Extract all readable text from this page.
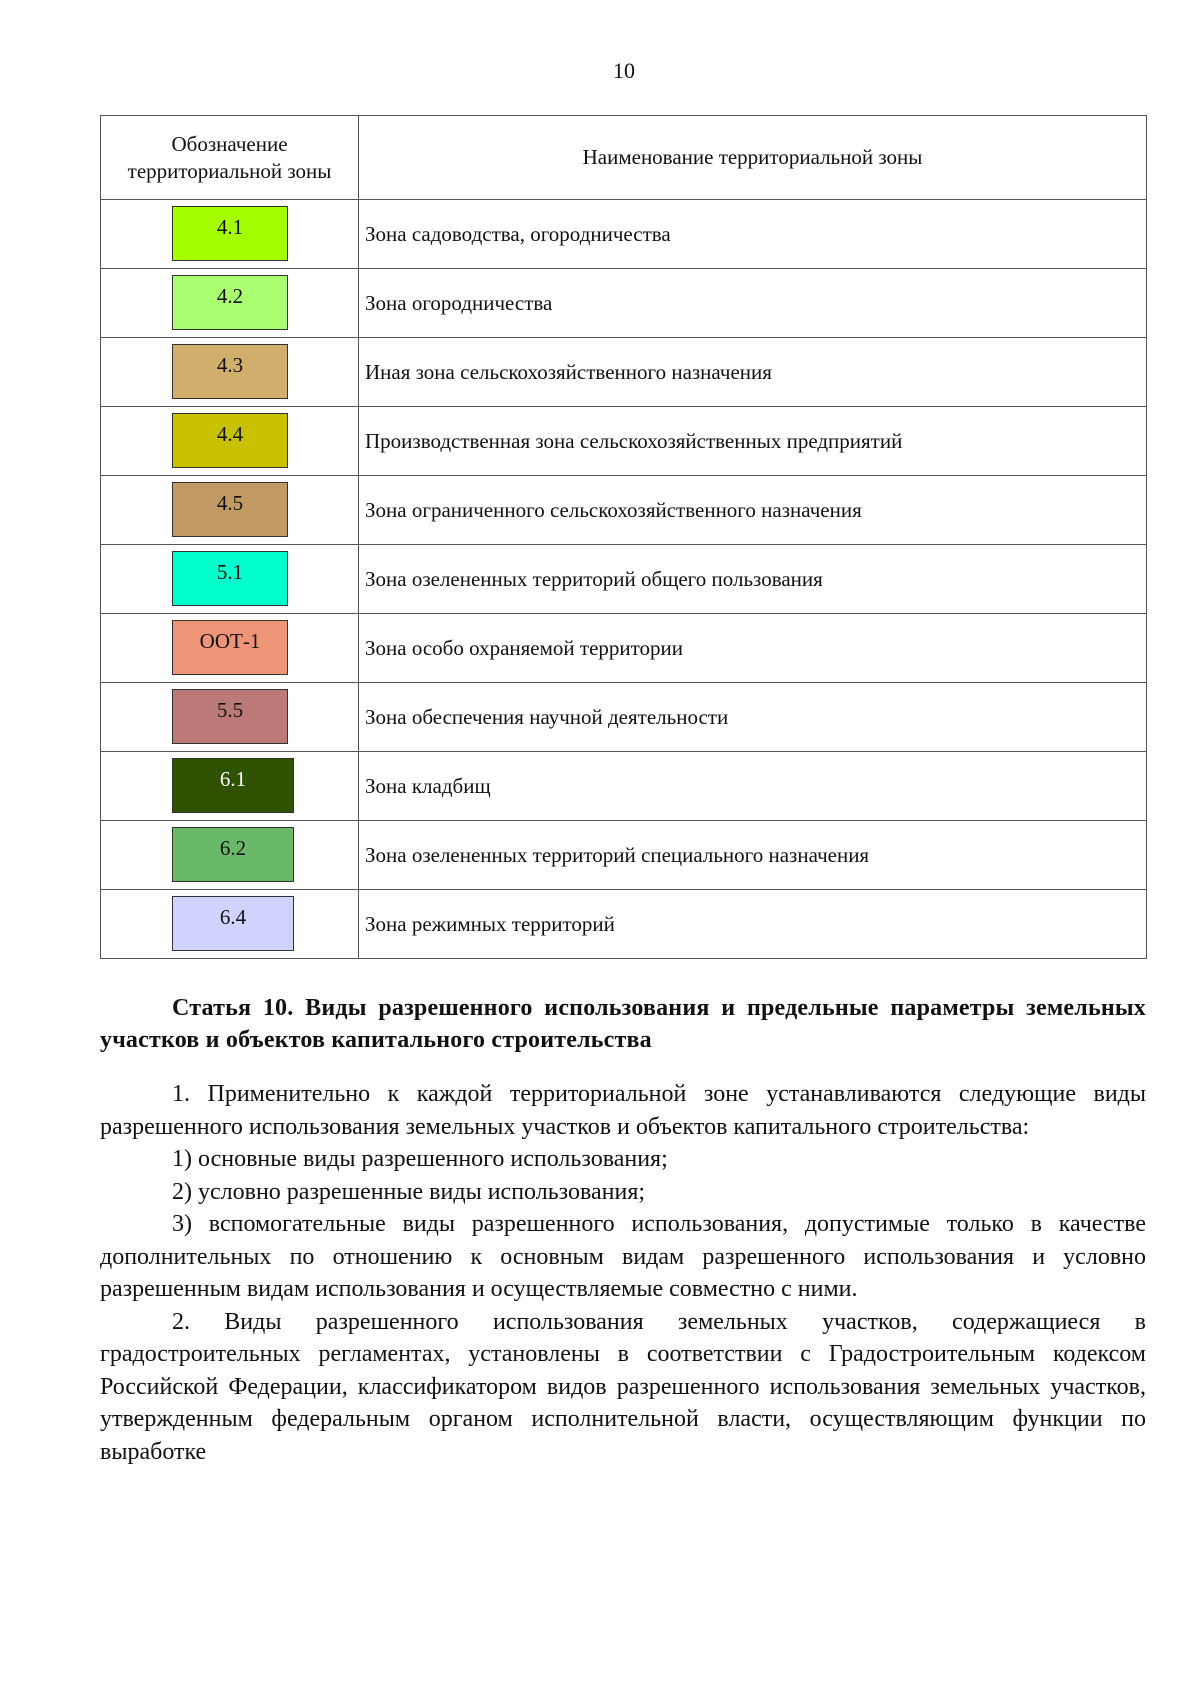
10
Обозначение территориальной зоны	Наименование территориальной зоны

4.1	Зона садоводства, огородничества

4.2	Зона огородничества

4.3	Иная зона сельскохозяйственного назначения

4.4	Производственная зона сельскохозяйственных предприятий

4.5	Зона ограниченного сельскохозяйственного назначения

5.1	Зона озелененных территорий общего пользования

ООТ-1	Зона особо охраняемой территории

5.5	Зона обеспечения научной деятельности

6.1	Зона кладбищ

6.2	Зона озелененных территорий специального назначения

6.4	Зона режимных территорий
Статья 10. Виды разрешенного использования и предельные параметры земельных участков и объектов капитального строительства

1. Применительно к каждой территориальной зоне устанавливаются следующие виды разрешенного использования земельных участков и объектов капитального строительства:

1) основные виды разрешенного использования;

2) условно разрешенные виды использования;

3) вспомогательные виды разрешенного использования, допустимые только в качестве дополнительных по отношению к основным видам разрешенного использования и условно разрешенным видам использования и осуществляемые совместно с ними.

2. Виды разрешенного использования земельных участков, содержащиеся в градостроительных регламентах, установлены в соответствии с Градостроительным кодексом Российской Федерации, классификатором видов разрешенного использования земельных участков, утвержденным федеральным органом исполнительной власти, осуществляющим функции по выработке
